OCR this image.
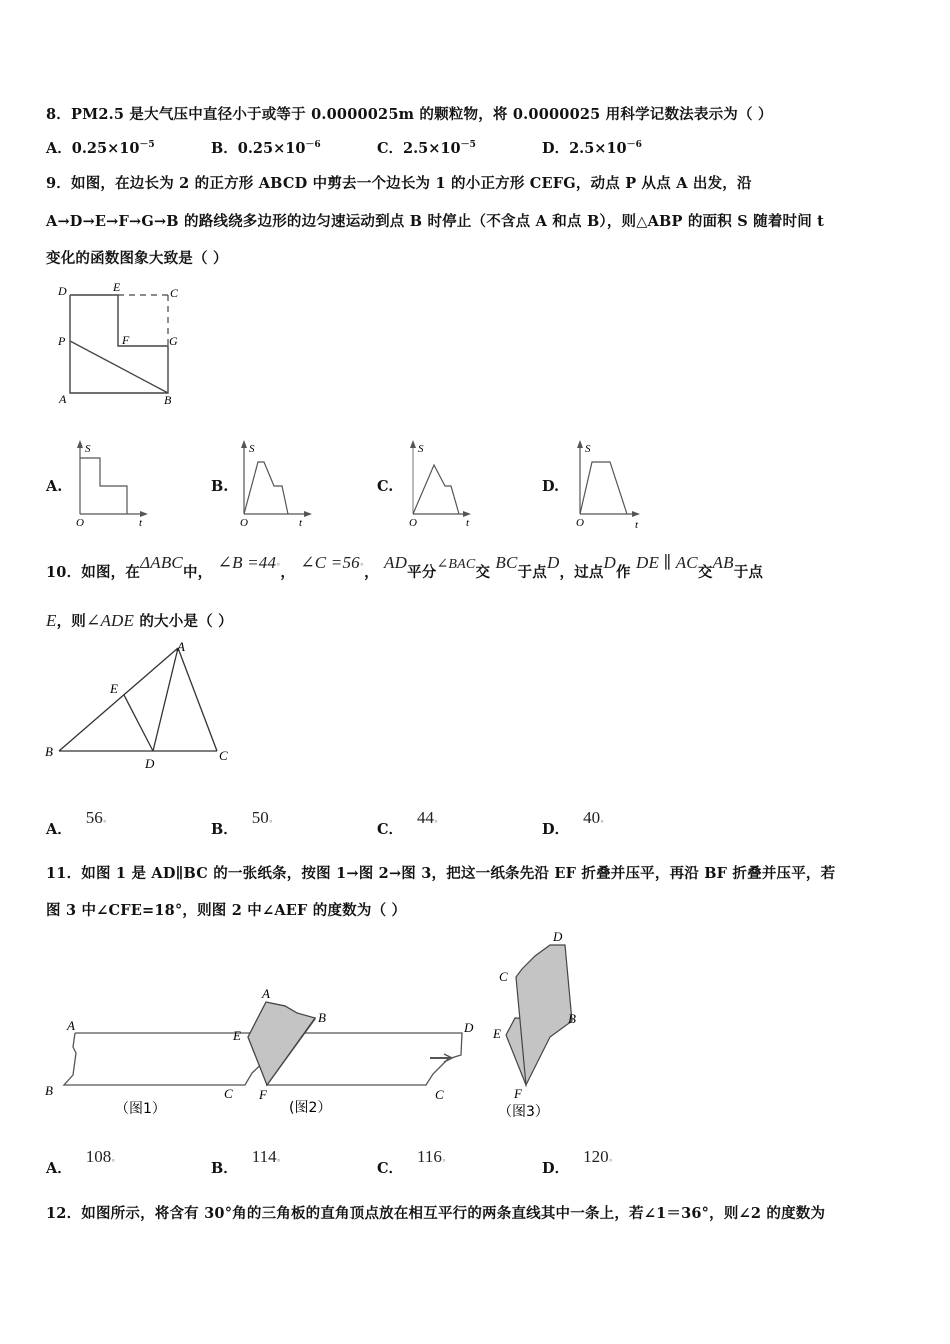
8．PM2.5 是大气压中直径小于或等于 0.0000025m 的颗粒物，将 0.0000025 用科学记数法表示为（ ）
A．$0.25\times 10^{-5}$	B．$0.25\times 10^{-6}$	C．$2.5\times 10^{-5}$	D．$2.5\times 10^{-6}$
9．如图，在边长为 2 的正方形 ABCD 中剪去一个边长为 1 的小正方形 CEFG，动点 P 从点 A 出发，沿
A→D→E→F→G→B 的路线绕多边形的边匀速运动到点 B 时停止（不含点 A 和点 B），则△ABP 的面积 S 随着时间 t
变化的函数图象大致是（ ）
D	E	C
P	F	G
A	B
A.
S
O	t
B.
S
O	t
C.
S
O	t
D.
S
O	t
10．如图，在ΔABC中， ∠B =44°， ∠C =56°， AD平分∠BAC交 BC于点D，过点D作 DE ∥ AC交AB于点
E，则∠ADE 的大小是（ ）
A
E
B
D
C
A．56°	B．50°	C．44°	D．40°
11．如图 1 是 AD∥BC 的一张纸条，按图 1→图 2→图 3，把这一纸条先沿 EF 折叠并压平，再沿 BF 折叠并压平，若
图 3 中∠CFE=18°，则图 2 中∠AEF 的度数为（ ）
A
B	C
（图1）
A
B
E
D
F	C
(图2）
D
C
B
E
F
（图3）
A．108°	B．114°	C．116°	D．120°
12．如图所示，将含有 30°角的三角板的直角顶点放在相互平行的两条直线其中一条上，若∠1＝36°，则∠2 的度数为
